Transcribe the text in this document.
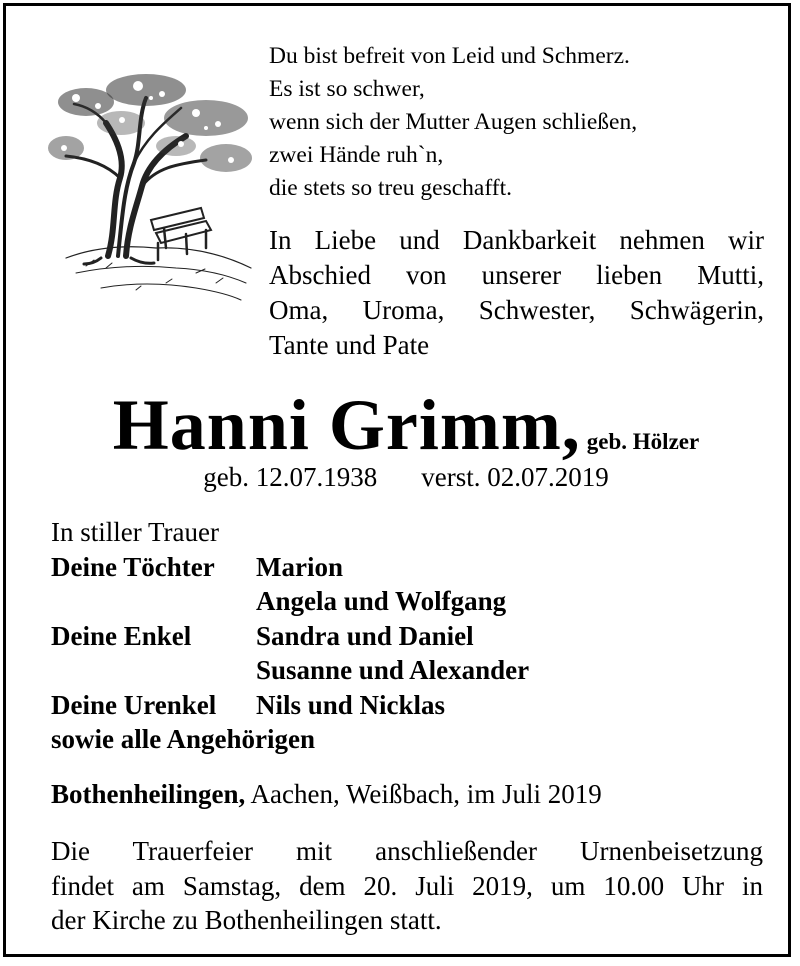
Du bist befreit von Leid und Schmerz.
Es ist so schwer,
wenn sich der Mutter Augen schließen,
zwei Hände ruh`n,
die stets so treu geschafft.
In Liebe und Dankbarkeit nehmen wir
Abschied von unserer lieben Mutti,
Oma, Uroma, Schwester, Schwägerin,
Tante und Pate
Hanni Grimm, geb. Hölzer
geb. 12.07.1938 verst. 02.07.2019
In stiller Trauer
Deine Töchter	Marion
Angela und Wolfgang
Deine Enkel	Sandra und Daniel
Susanne und Alexander
Deine Urenkel	Nils und Nicklas
sowie alle Angehörigen
Bothenheilingen, Aachen, Weißbach, im Juli 2019
Die Trauerfeier mit anschließender Urnenbeisetzung
findet am Samstag, dem 20. Juli 2019, um 10.00 Uhr in
der Kirche zu Bothenheilingen statt.
